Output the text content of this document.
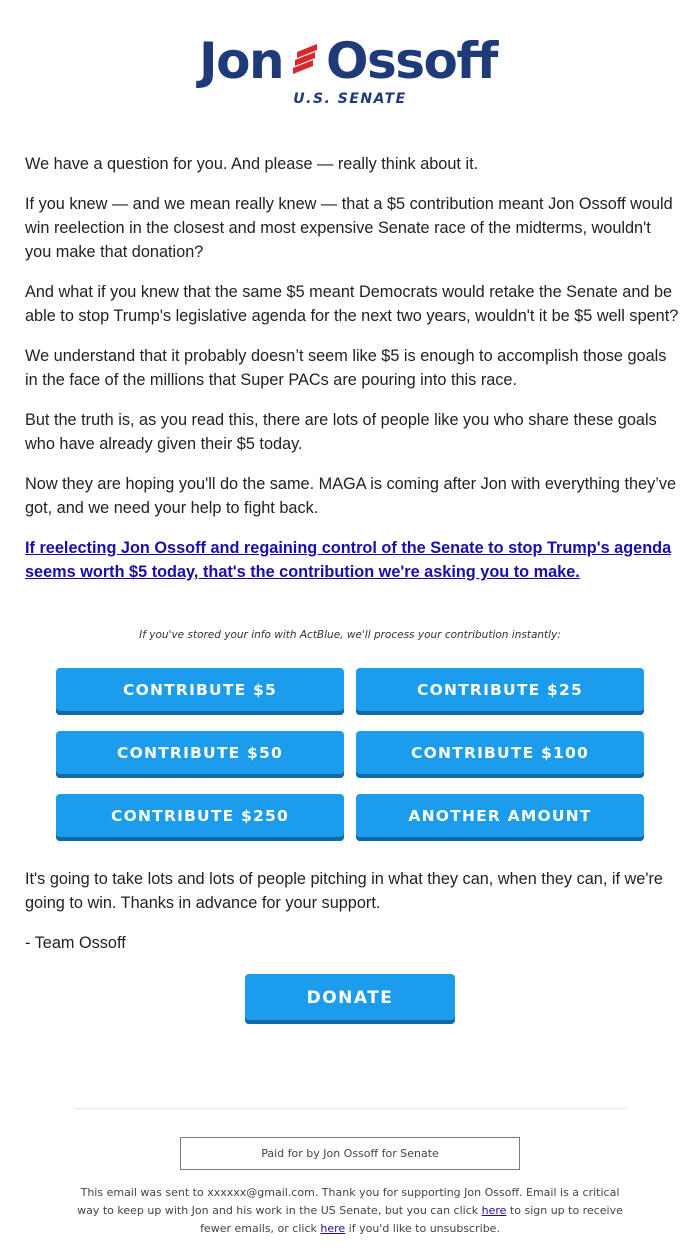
Jon Ossoff
U.S. SENATE

We have a question for you. And please — really think about it.

If you knew — and we mean really knew — that a $5 contribution meant Jon Ossoff would win reelection in the closest and most expensive Senate race of the midterms, wouldn't you make that donation?

And what if you knew that the same $5 meant Democrats would retake the Senate and be able to stop Trump's legislative agenda for the next two years, wouldn't it be $5 well spent?

We understand that it probably doesn’t seem like $5 is enough to accomplish those goals in the face of the millions that Super PACs are pouring into this race.

But the truth is, as you read this, there are lots of people like you who share these goals who have already given their $5 today.

Now they are hoping you'll do the same. MAGA is coming after Jon with everything they’ve got, and we need your help to fight back.

If reelecting Jon Ossoff and regaining control of the Senate to stop Trump's agenda seems worth $5 today, that's the contribution we're asking you to make.

If you've stored your info with ActBlue, we'll process your contribution instantly:
CONTRIBUTE $5	CONTRIBUTE $25
CONTRIBUTE $50	CONTRIBUTE $100
CONTRIBUTE $250	ANOTHER AMOUNT

It's going to take lots and lots of people pitching in what they can, when they can, if we're going to win. Thanks in advance for your support.

- Team Ossoff

DONATE
Paid for by Jon Ossoff for Senate
This email was sent to xxxxxx@gmail.com. Thank you for supporting Jon Ossoff. Email is a critical way to keep up with Jon and his work in the US Senate, but you can click here to sign up to receive fewer emails, or click here if you'd like to unsubscribe.
